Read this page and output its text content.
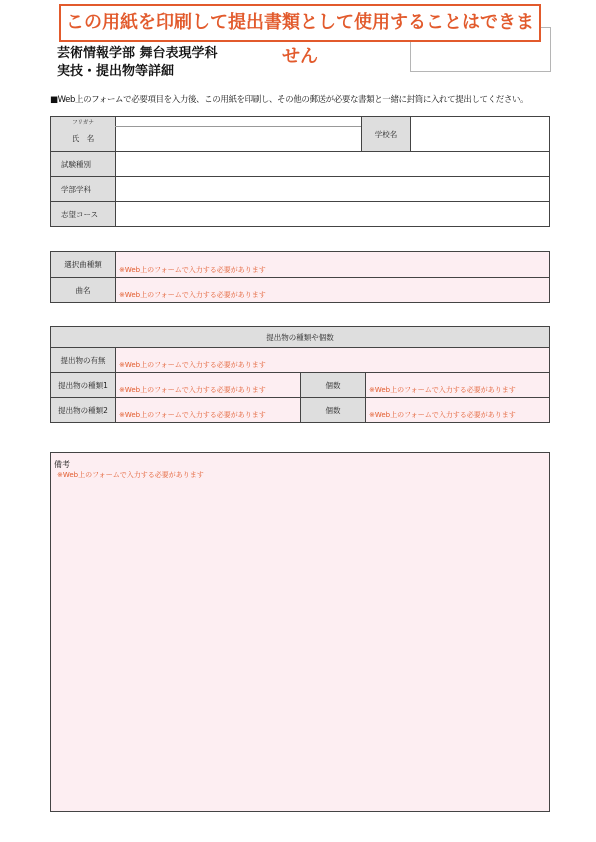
この用紙を印刷して提出書類として使用することはできません
芸術情報学部 舞台表現学科
実技・提出物等詳細
■Web上のフォームで必要項目を入力後、この用紙を印刷し、その他の郵送が必要な書類と一緒に封筒に入れて提出してください。
フリガナ
氏　名	学校名
試験種別
学部学科
志望コース
選択曲種類
※Web上のフォームで入力する必要があります
曲名
※Web上のフォームで入力する必要があります
提出物の種類や個数
提出物の有無
※Web上のフォームで入力する必要があります
提出物の種類1
※Web上のフォームで入力する必要があります
個数
※Web上のフォームで入力する必要があります
提出物の種類2
※Web上のフォームで入力する必要があります
個数
※Web上のフォームで入力する必要があります
備考
※Web上のフォームで入力する必要があります
